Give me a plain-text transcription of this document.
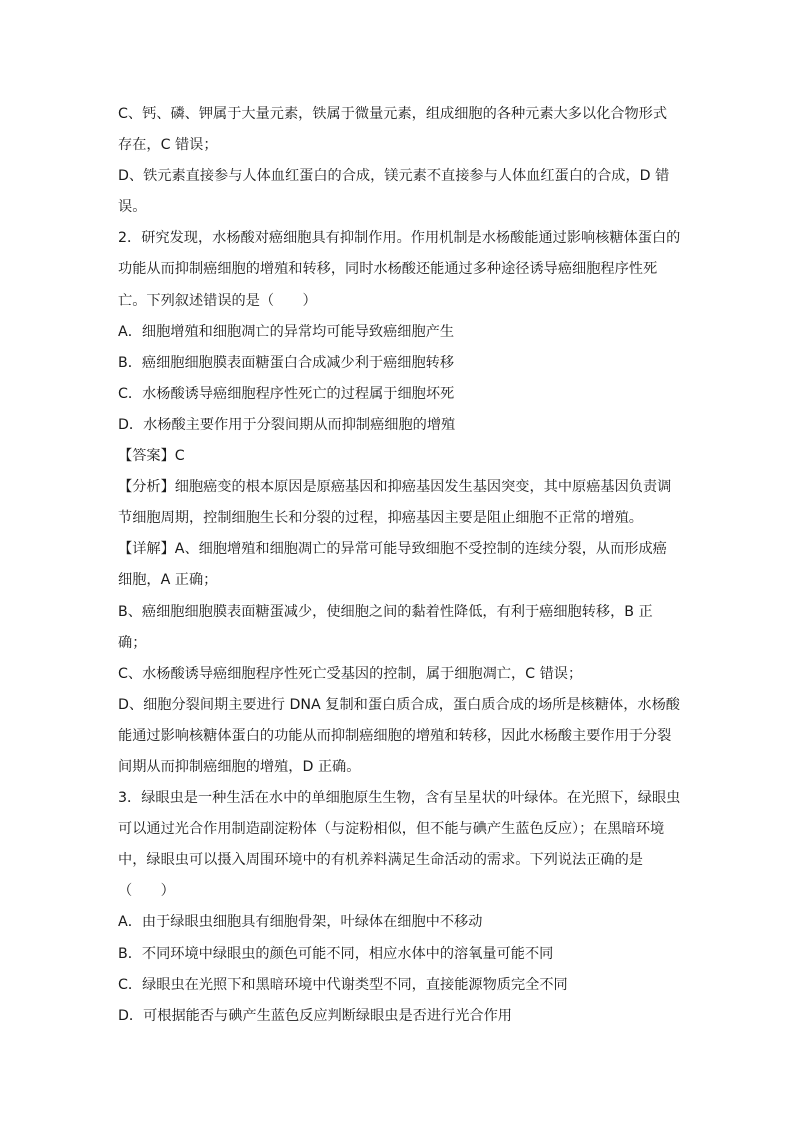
C、钙、磷、钾属于大量元素，铁属于微量元素，组成细胞的各种元素大多以化合物形式
存在，C 错误；
D、铁元素直接参与人体血红蛋白的合成，镁元素不直接参与人体血红蛋白的合成，D 错
误。
2．研究发现，水杨酸对癌细胞具有抑制作用。作用机制是水杨酸能通过影响核糖体蛋白的
功能从而抑制癌细胞的增殖和转移，同时水杨酸还能通过多种途径诱导癌细胞程序性死
亡。下列叙述错误的是（　　）
A．细胞增殖和细胞凋亡的异常均可能导致癌细胞产生
B．癌细胞细胞膜表面糖蛋白合成减少利于癌细胞转移
C．水杨酸诱导癌细胞程序性死亡的过程属于细胞坏死
D．水杨酸主要作用于分裂间期从而抑制癌细胞的增殖
【答案】C
【分析】细胞癌变的根本原因是原癌基因和抑癌基因发生基因突变，其中原癌基因负责调
节细胞周期，控制细胞生长和分裂的过程，抑癌基因主要是阻止细胞不正常的增殖。
【详解】A、细胞增殖和细胞凋亡的异常可能导致细胞不受控制的连续分裂，从而形成癌
细胞，A 正确；
B、癌细胞细胞膜表面糖蛋减少，使细胞之间的黏着性降低，有利于癌细胞转移，B 正
确；
C、水杨酸诱导癌细胞程序性死亡受基因的控制，属于细胞凋亡，C 错误；
D、细胞分裂间期主要进行 DNA 复制和蛋白质合成，蛋白质合成的场所是核糖体，水杨酸
能通过影响核糖体蛋白的功能从而抑制癌细胞的增殖和转移，因此水杨酸主要作用于分裂
间期从而抑制癌细胞的增殖，D 正确。
3．绿眼虫是一种生活在水中的单细胞原生生物，含有呈星状的叶绿体。在光照下，绿眼虫
可以通过光合作用制造副淀粉体（与淀粉相似，但不能与碘产生蓝色反应）；在黑暗环境
中，绿眼虫可以摄入周围环境中的有机养料满足生命活动的需求。下列说法正确的是
（　　）
A．由于绿眼虫细胞具有细胞骨架，叶绿体在细胞中不移动
B．不同环境中绿眼虫的颜色可能不同，相应水体中的溶氧量可能不同
C．绿眼虫在光照下和黑暗环境中代谢类型不同，直接能源物质完全不同
D．可根据能否与碘产生蓝色反应判断绿眼虫是否进行光合作用
